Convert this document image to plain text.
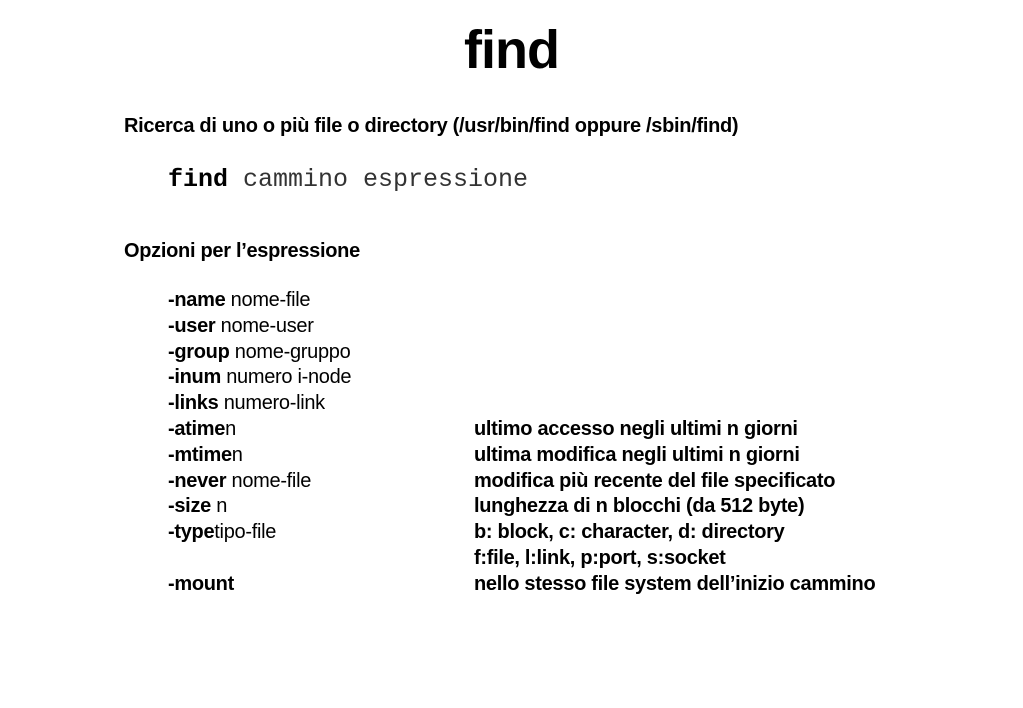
find
Ricerca di uno o più file o directory (/usr/bin/find oppure /sbin/find)
find cammino espressione
Opzioni per l’espressione
-name nome-file
-user nome-user
-group nome-gruppo
-inum numero i-node
-links numero-link
-atimen	ultimo accesso negli ultimi n giorni
-mtimen	ultima modifica negli ultimi n giorni
-never nome-file	modifica più recente del file specificato
-size n	lunghezza di n blocchi (da 512 byte)
-typetipo-file	b: block, c: character, d: directory
f:file, l:link, p:port, s:socket
-mount	nello stesso file system dell’inizio cammino
